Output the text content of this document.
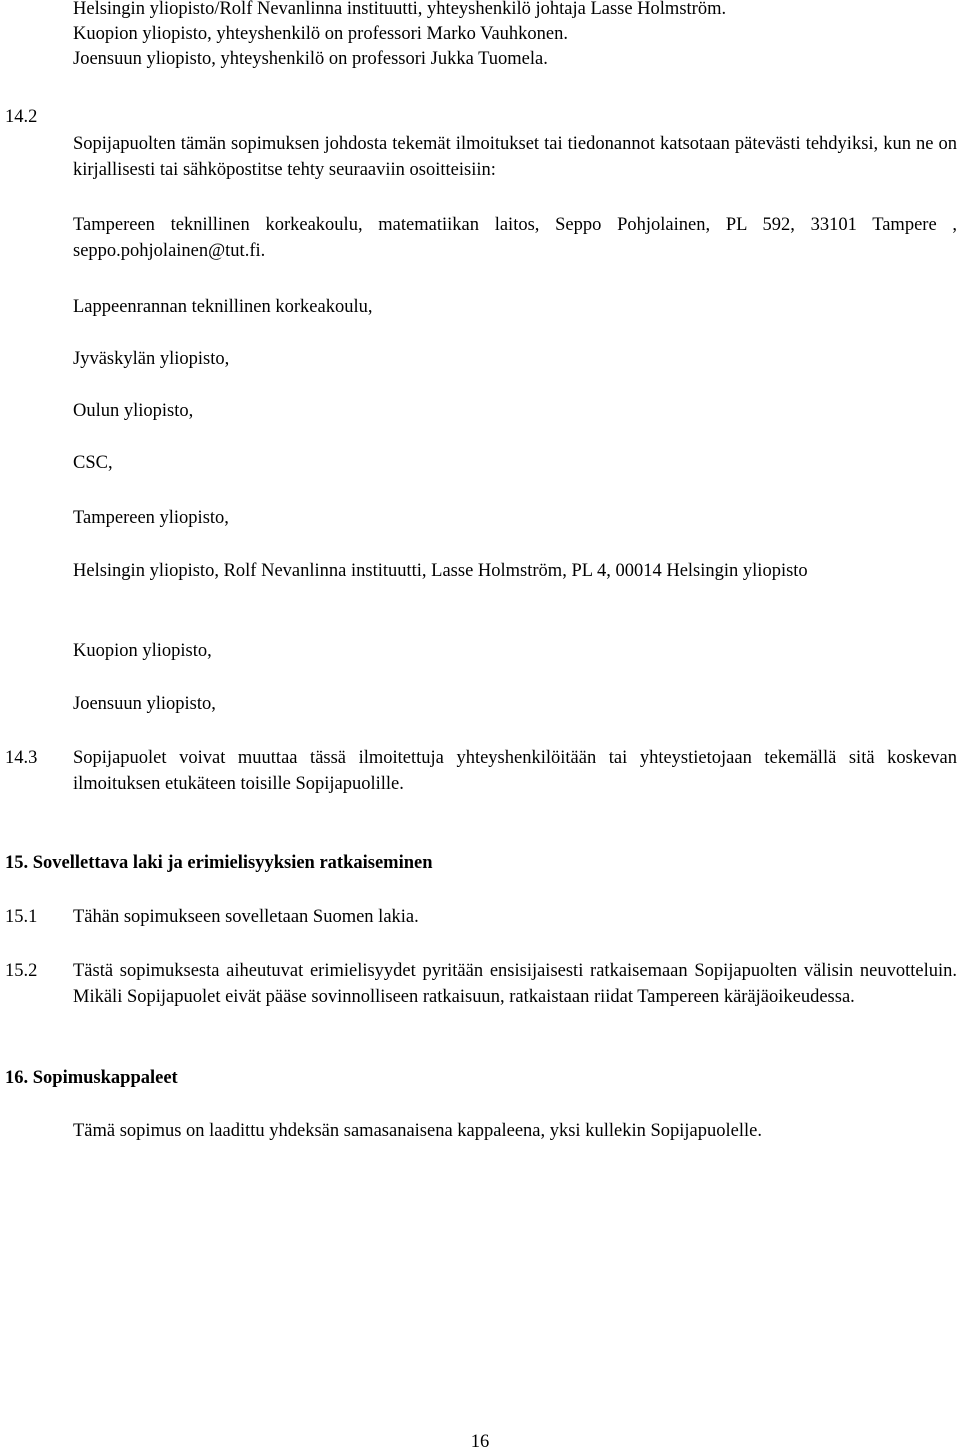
Helsingin yliopisto/Rolf Nevanlinna instituutti, yhteyshenkilö johtaja Lasse Holmström.
Kuopion yliopisto, yhteyshenkilö on professori Marko Vauhkonen.
Joensuun yliopisto, yhteyshenkilö on professori Jukka Tuomela.
14.2
Sopijapuolten tämän sopimuksen johdosta tekemät ilmoitukset tai tiedonannot katsotaan pätevästi tehdyiksi, kun ne on kirjallisesti tai sähköpostitse tehty seuraaviin osoitteisiin:
Tampereen teknillinen korkeakoulu, matematiikan laitos, Seppo Pohjolainen, PL 592, 33101 Tampere , seppo.pohjolainen@tut.fi.
Lappeenrannan teknillinen korkeakoulu,
Jyväskylän yliopisto,
Oulun yliopisto,
CSC,
Tampereen yliopisto,
Helsingin yliopisto, Rolf Nevanlinna instituutti, Lasse Holmström, PL 4, 00014 Helsingin yliopisto
Kuopion yliopisto,
Joensuun yliopisto,
14.3 Sopijapuolet voivat muuttaa tässä ilmoitettuja yhteyshenkilöitään tai yhteystietojaan tekemällä sitä koskevan ilmoituksen etukäteen toisille Sopijapuolille.
15. Sovellettava laki ja erimielisyyksien ratkaiseminen
15.1 Tähän sopimukseen sovelletaan Suomen lakia.
15.2 Tästä sopimuksesta aiheutuvat erimielisyydet pyritään ensisijaisesti ratkaisemaan Sopijapuolten välisin neuvotteluin. Mikäli Sopijapuolet eivät pääse sovinnolliseen ratkaisuun, ratkaistaan riidat Tampereen käräjäoikeudessa.
16. Sopimuskappaleet
Tämä sopimus on laadittu yhdeksän samasanaisena kappaleena, yksi kullekin Sopijapuolelle.
16
